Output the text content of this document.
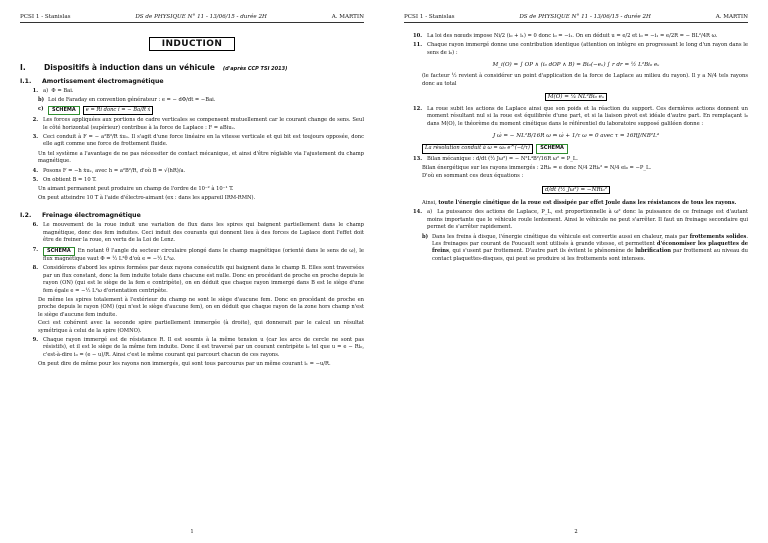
PCSI 1 - Stanislas	DS de PHYSIQUE N° 11 - 13/06/15 - durée 2H	A. MARTIN
INDUCTION
I. Dispositifs à induction dans un véhicule (d'après CCP TSI 2013)
I.1. Amortissement électromagnétique
1. a)  Φ = Bai.
b) Loi de Faraday en convention générateur : e = − dΦ/dt = −Bai.
c)	SCHEMA e = Ri donc i = − Ba/R ẋ
2. Les forces appliquées aux portions de cadre verticales se compensent mutuellement car le courant change de sens. Seul le côté horizontal (supérieur) contribue à la force de Laplace : F = aBiuₓ.
3. Ceci conduit à F = − a²B²/R ẋuₓ. Il s'agit d'une force linéaire en la vitesse verticale et qui bit est toujours opposée, donc elle agit comme une force de frottement fluide.
Un tel système a l'avantage de ne pas nécessiter de contact mécanique, et ainsi d'être réglable via l'ajustement du champ magnétique.
4. Posons F = −h ẋuₓ, avec h = a²B²/R, d'où B = √(hR)/a.
5. On obtient B = 10 T.
Un aimant permanent peut produire un champ de l'ordre de 10⁻² à 10⁻¹ T.
On peut atteindre 10 T à l'aide d'électro-aimant (ex : dans les appareil IRM-RMN).
I.2. Freinage électromagnétique
6. Le mouvement de la roue induit une variation de flux dans les spires qui baignent partiellement dans le champ magnétique, donc des fem induites. Ceci induit des courants qui donnent lieu à des forces de Laplace dont l'effet doit être de freiner la roue, en vertu de la Loi de Lenz.
7.	SCHEMA En notant θ l'angle du secteur circulaire plongé dans le champ magnétique (orienté dans le sens de ω), le flux magnétique vaut Φ = ½ L²θ d'où e = −½ L²ω.
8. Considérons d'abord les spires formées par deux rayons consécutifs qui baignent dans le champ B. Elles sont traversées par un flux constant, donc la fem induite totale dans chacune est nulle. Donc en procédant de proche en proche depuis le rayon (ON) (qui est le siège de la fem e contripète), on en déduit que chaque rayon immergé dans B est le siège d'une fem égale e = −½ L²ω d'orientation centripète.
De même les spires totalement à l'extérieur du champ ne sont le siège d'aucune fem. Donc en procédant de proche en proche depuis le rayon (OM) (qui n'est le siège d'aucune fem), on en déduit que chaque rayon de la zone hors champ n'est le siège d'aucune fem induite.
Ceci est cohérent avec la seconde spire partiellement immergée (à droite), qui donnerait par le calcul un résultat symétrique à celui de la spire (OMNO).
9. Chaque rayon immergé est de résistance R. Il est soumis à la même tension u (car les arcs de cercle ne sont pas résistifs), et il est le siège de la même fem induite. Donc il est traversé par un courant centripète i₀ tel que u = e − Ri₀, c'est-à-dire i₀ = (e − u)/R. Ainsi c'est le même courant qui parcourt chacun de ces rayons.
On peut dire de même pour les rayons non immergés, qui sont tous parcourus par un même courant i₁ = −u/R.
1
PCSI 1 - Stanislas	DS de PHYSIQUE N° 11 - 13/06/15 - durée 2H	A. MARTIN
10. La loi des nœuds impose Ni/2 (i₀ + i₁) = 0 donc i₀ = −i₁. On en déduit u = e/2 et i₀ = −i₁ = e/2R = − BL²/4R ω.
11. Chaque rayon immergé donne une contribution identique (attention on intègre en progressant le long d'un rayon dans le sens de i₀) :
M_i(O) = ∫ OP ∧ (i₀ dOP ∧ B) = Bi₀(−eᵤ) ∫ r dr = ½ L²Bi₀ eᵤ
(le facteur ½ revient à considérer un point d'application de la force de Laplace au milieu du rayon). Il y a N/4 tels rayons donc au total
M(O) = ¼ NL²Bi₀ eᵤ
12. La roue subit les actions de Laplace ainsi que son poids et la réaction du support. Ces dernières actions donnent un moment résultant nul si la roue est équilibrée d'une part, et si la liaison pivot est idéale d'autre part. En remplaçant i₀ dans M(O), le théorème du moment cinétique dans le référentiel du laboratoire supposé galiléen donne :
J ω̇ = − NL²B/16R ω ⇔ ω̇ + 1/τ ω = 0 avec τ = 16RJ/NB²L⁴
La résolution conduit à ω = ω₀ e^(−t/τ) SCHEMA
13. Bilan mécanique : d/dt (½ Jω²) = − N²L⁴B²/16R ω² = P_L.
Bilan énergétique sur les rayons immergés : 2Ri₀ = e donc N/4 2Ri₀² = N/4 ei₀ = −P_L.
D'où en sommant ces deux équations :
d/dt (½ Jω²) = −NRi₀²
Ainsi, toute l'énergie cinétique de la roue est dissipée par effet Joule dans les résistances de tous les rayons.
14. a)  La puissance des actions de Laplace, P_L, est proportionnelle à ω² donc la puissance de ce freinage est d'autant moins importante que le véhicule roule lentement. Ainsi le véhicule ne peut s'arrêter. Il faut un freinage secondaire qui permet de s'arrêter rapidement.
b) Dans les freins à disque, l'énergie cinétique du véhicule est convertie aussi en chaleur, mais par frottements solides. Les freinages par courant de Foucault sont utilisés à grande vitesse, et permettent d'économiser les plaquettes de freins, qui s'usent par frottement. D'autre part ils évitent le phénomène de lubrification par frottement au niveau du contact plaquettes-disques, qui peut se produire si les frottements sont intenses.
2
